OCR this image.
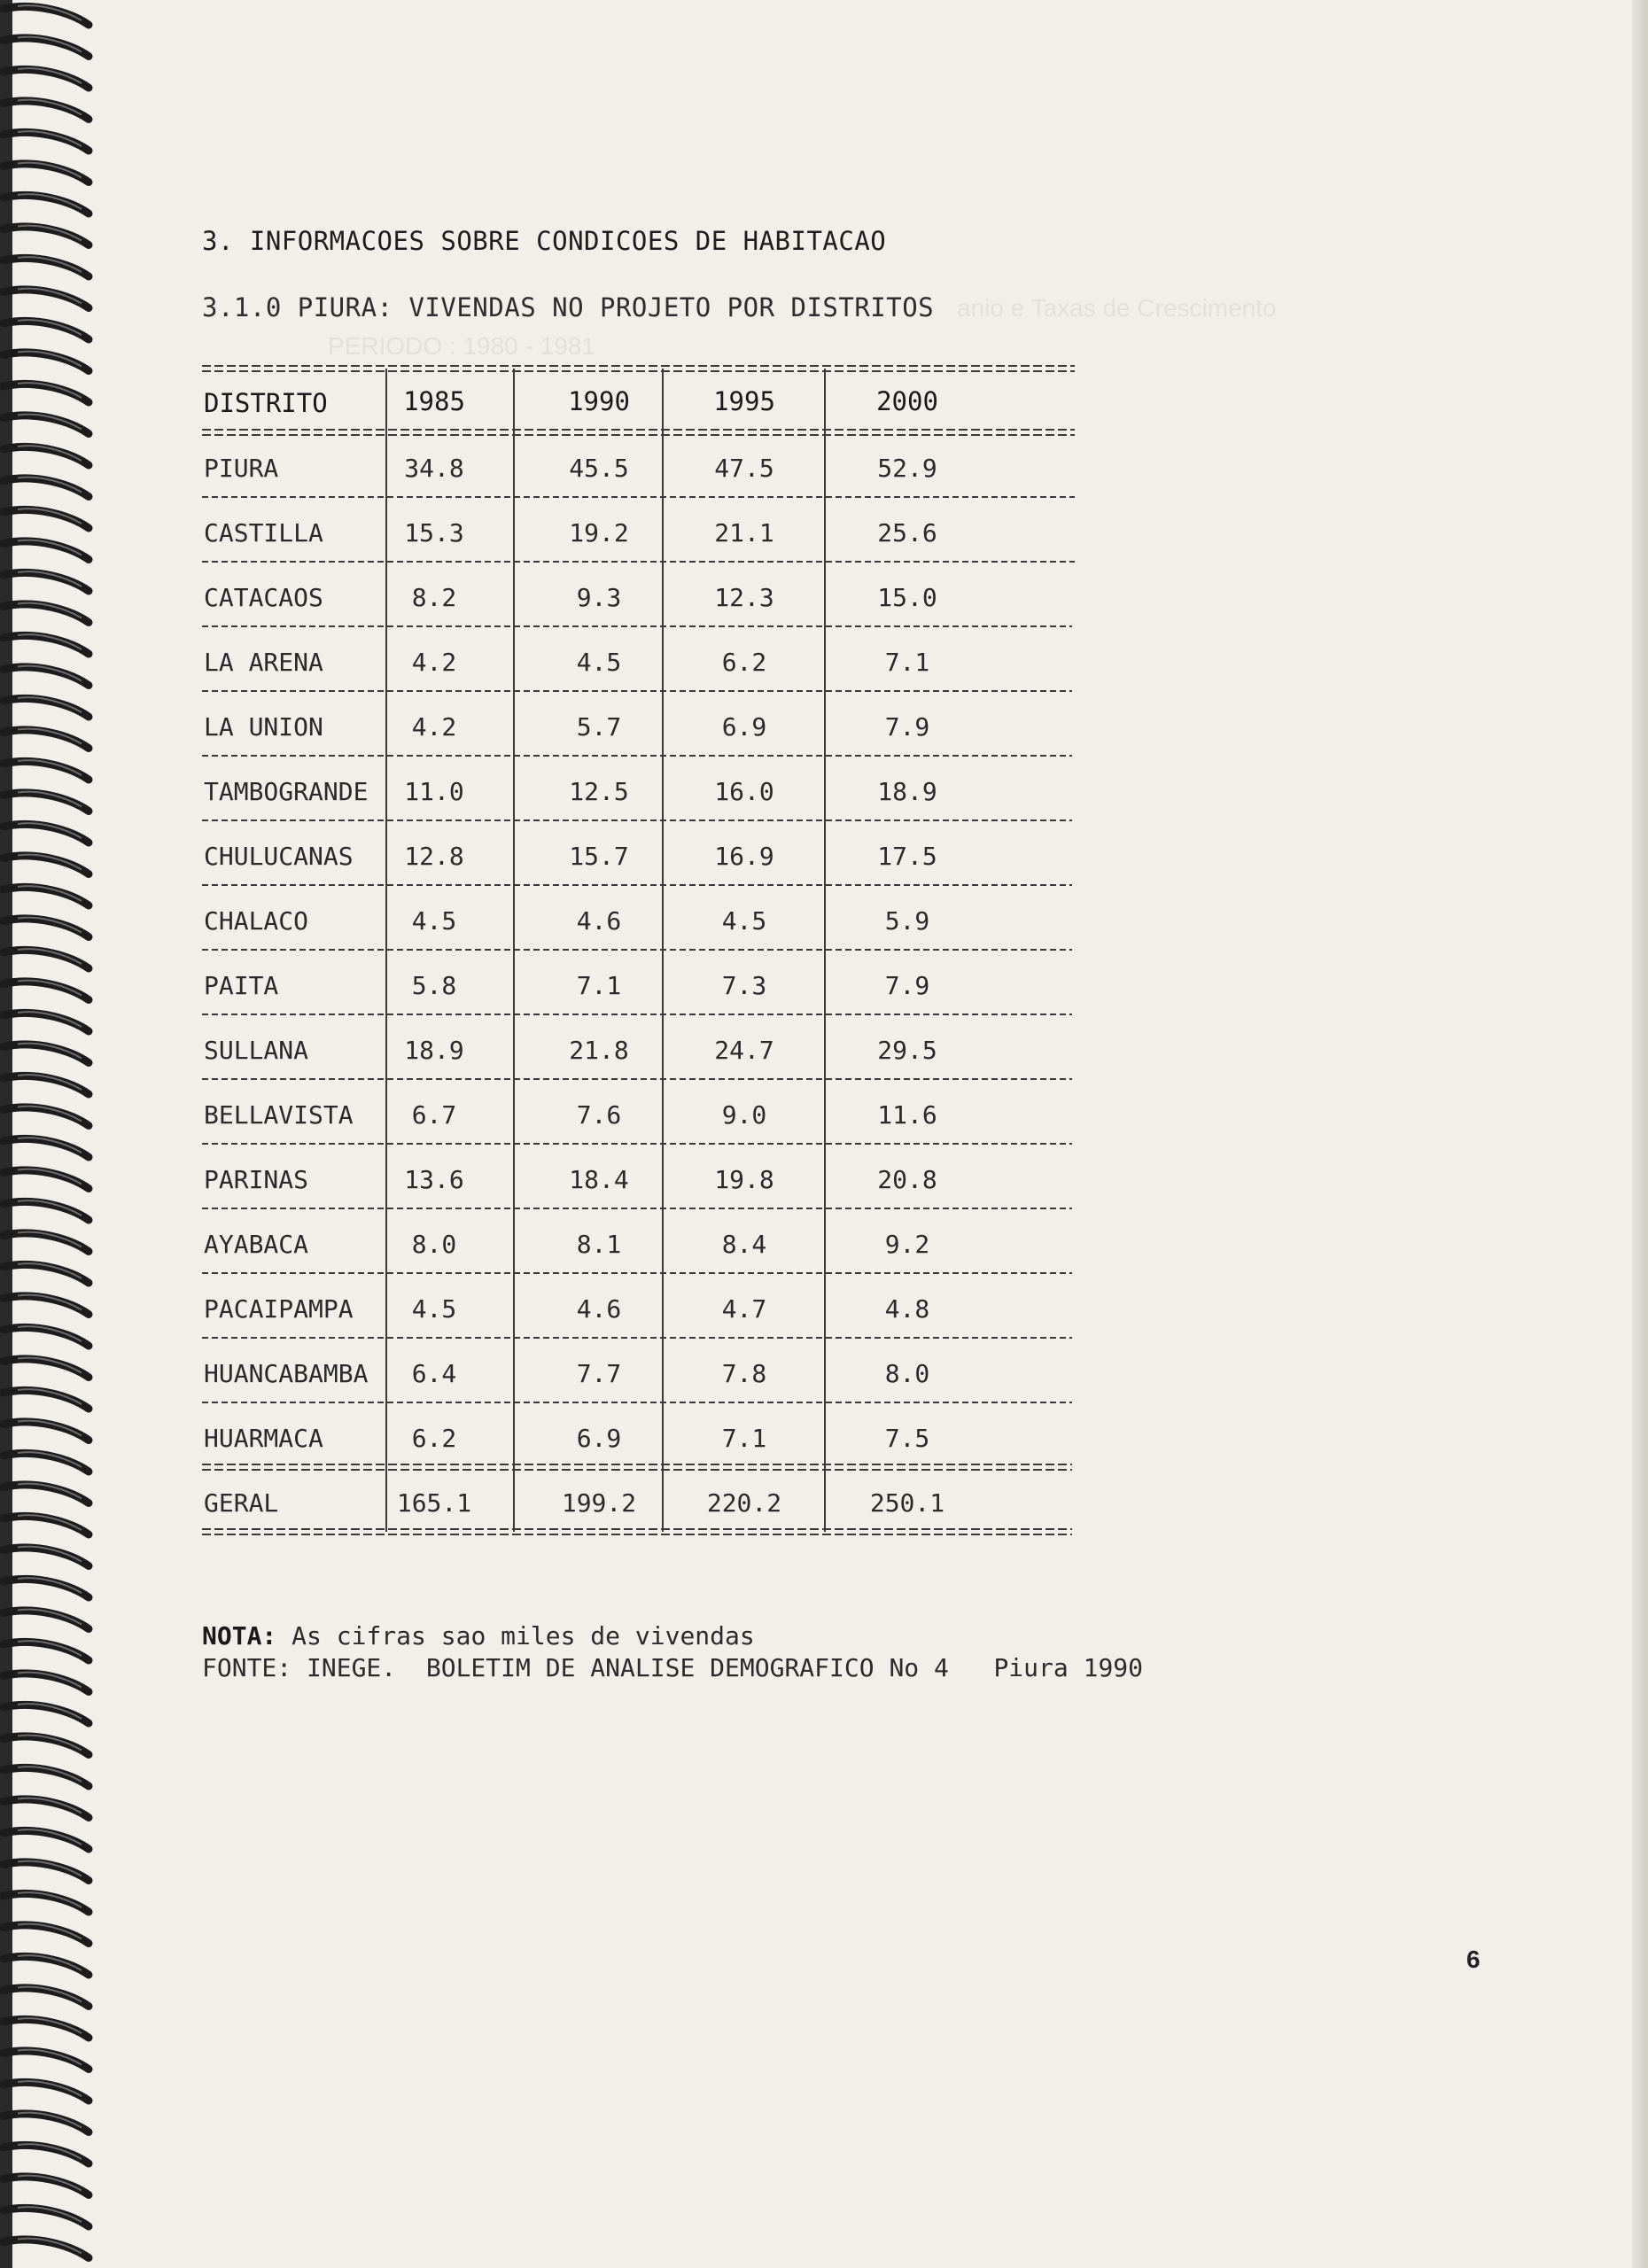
anio e Taxas de Crescimento
PERIODO : 1980 - 1981
3. INFORMACOES SOBRE CONDICOES DE HABITACAO
3.1.0 PIURA: VIVENDAS NO PROJETO POR DISTRITOS
DISTRITO	1985	1990	1995	2000
PIURA	34.8	45.5	47.5	52.9
CASTILLA	15.3	19.2	21.1	25.6
CATACAOS	8.2	9.3	12.3	15.0
LA ARENA	4.2	4.5	6.2	7.1
LA UNION	4.2	5.7	6.9	7.9
TAMBOGRANDE	11.0	12.5	16.0	18.9
CHULUCANAS	12.8	15.7	16.9	17.5
CHALACO	4.5	4.6	4.5	5.9
PAITA	5.8	7.1	7.3	7.9
SULLANA	18.9	21.8	24.7	29.5
BELLAVISTA	6.7	7.6	9.0	11.6
PARINAS	13.6	18.4	19.8	20.8
AYABACA	8.0	8.1	8.4	9.2
PACAIPAMPA	4.5	4.6	4.7	4.8
HUANCABAMBA	6.4	7.7	7.8	8.0
HUARMACA	6.2	6.9	7.1	7.5
GERAL	165.1	199.2	220.2	250.1
NOTA: As cifras sao miles de vivendas
FONTE: INEGE.  BOLETIM DE ANALISE DEMOGRAFICO No 4   Piura 1990
6
